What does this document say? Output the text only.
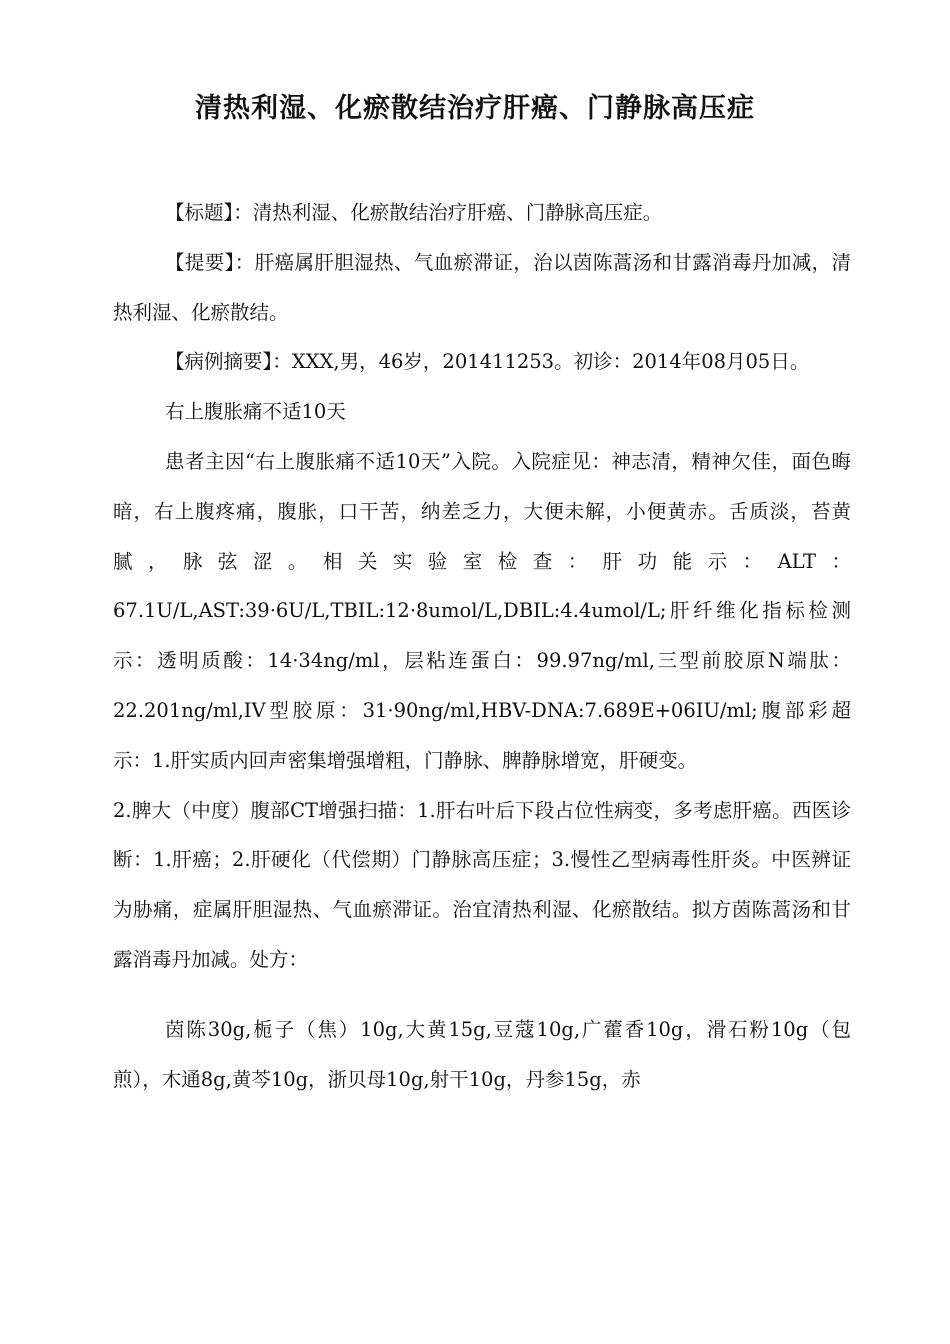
清热利湿、化瘀散结治疗肝癌、门静脉高压症

【标题】：清热利湿、化瘀散结治疗肝癌、门静脉高压症。

【提要】：肝癌属肝胆湿热、气血瘀滞证，治以茵陈蒿汤和甘露消毒丹加减，清热利湿、化瘀散结。

【病例摘要】：XXX,男，46岁，201411253。初诊：2014年08月05日。

右上腹胀痛不适10天

患者主因“右上腹胀痛不适10天”入院。入院症见：神志清，精神欠佳，面色晦暗，右上腹疼痛，腹胀，口干苦，纳差乏力，大便未解，小便黄赤。舌质淡，苔黄腻，脉弦涩。相关实验室检查：肝功能示：ALT：67.1U/L,AST:39·6U/L,TBIL:12·8umol/L,DBIL:4.4umol/L;肝纤维化指标检测示：透明质酸：14·34ng/ml，层粘连蛋白：99.97ng/ml,三型前胶原N端肽：22.201ng/ml,IV型胶原：31·90ng/ml,HBV-DNA:7.689E+06IU/ml;腹部彩超示：1.肝实质内回声密集增强增粗，门静脉、脾静脉增宽，肝硬变。

2.脾大（中度）腹部CT增强扫描：1.肝右叶后下段占位性病变，多考虑肝癌。西医诊断：1.肝癌；2.肝硬化（代偿期）门静脉高压症；3.慢性乙型病毒性肝炎。中医辨证为胁痛，症属肝胆湿热、气血瘀滞证。治宜清热利湿、化瘀散结。拟方茵陈蒿汤和甘露消毒丹加减。处方：

茵陈30g,栀子（焦）10g,大黄15g,豆蔻10g,广藿香10g，滑石粉10g（包煎），木通8g,黄芩10g，浙贝母10g,射干10g，丹参15g，赤
